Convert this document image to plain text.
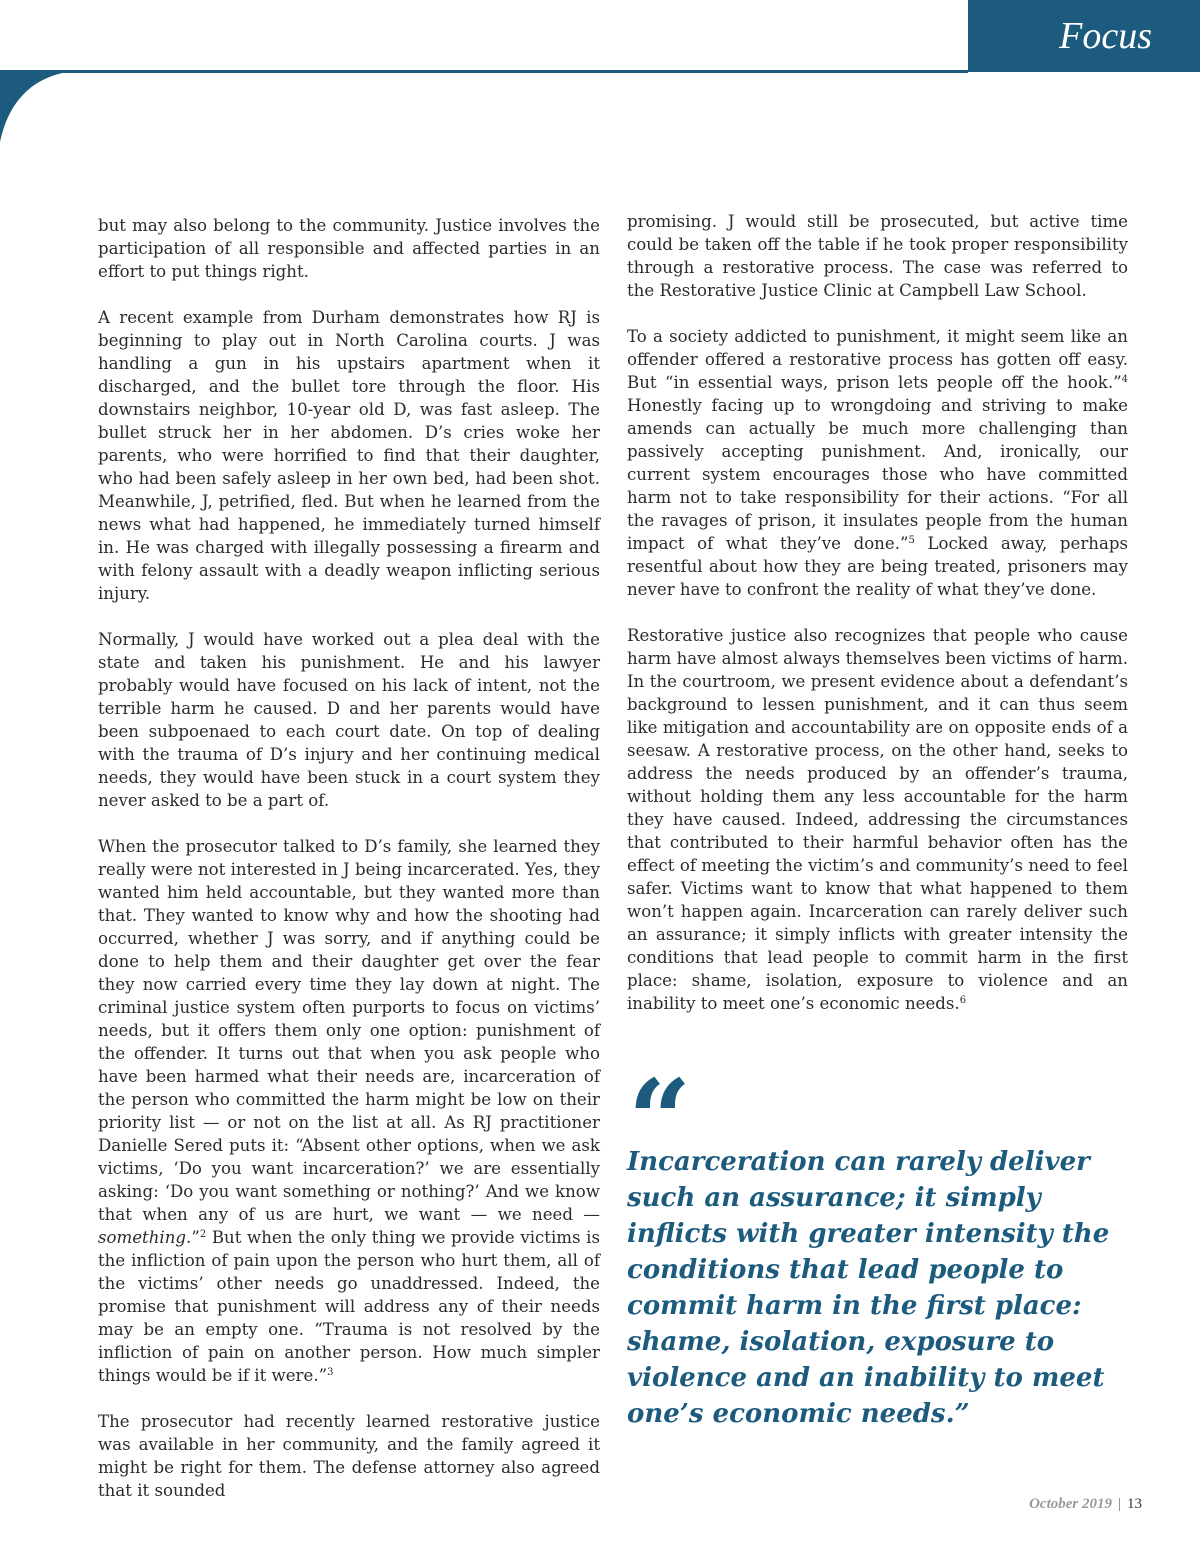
Focus

but may also belong to the community. Justice involves the participation of all responsible and affected parties in an effort to put things right.

A recent example from Durham demonstrates how RJ is beginning to play out in North Carolina courts. J was handling a gun in his upstairs apartment when it discharged, and the bullet tore through the floor. His downstairs neighbor, 10-year old D, was fast asleep. The bullet struck her in her abdomen. D’s cries woke her parents, who were horrified to find that their daughter, who had been safely asleep in her own bed, had been shot. Meanwhile, J, petrified, fled. But when he learned from the news what had happened, he immediately turned himself in. He was charged with illegally possessing a firearm and with felony assault with a deadly weapon inflicting serious injury.

Normally, J would have worked out a plea deal with the state and taken his punishment. He and his lawyer probably would have focused on his lack of intent, not the terrible harm he caused. D and her parents would have been subpoenaed to each court date. On top of dealing with the trauma of D’s injury and her continuing medical needs, they would have been stuck in a court system they never asked to be a part of.

When the prosecutor talked to D’s family, she learned they really were not interested in J being incarcerated. Yes, they wanted him held accountable, but they wanted more than that. They wanted to know why and how the shooting had occurred, whether J was sorry, and if anything could be done to help them and their daughter get over the fear they now carried every time they lay down at night. The criminal justice system often purports to focus on victims’ needs, but it offers them only one option: punishment of the offender. It turns out that when you ask people who have been harmed what their needs are, incarceration of the person who committed the harm might be low on their priority list — or not on the list at all. As RJ practitioner Danielle Sered puts it: “Absent other options, when we ask victims, ‘Do you want incarceration?’ we are essentially asking: ‘Do you want something or nothing?’ And we know that when any of us are hurt, we want — we need — something.”$^2$ But when the only thing we provide victims is the infliction of pain upon the person who hurt them, all of the victims’ other needs go unaddressed. Indeed, the promise that punishment will address any of their needs may be an empty one. “Trauma is not resolved by the infliction of pain on another person. How much simpler things would be if it were.”$^3$

The prosecutor had recently learned restorative justice was available in her community, and the family agreed it might be right for them. The defense attorney also agreed that it sounded

promising. J would still be prosecuted, but active time could be taken off the table if he took proper responsibility through a restorative process. The case was referred to the Restorative Justice Clinic at Campbell Law School.

To a society addicted to punishment, it might seem like an offender offered a restorative process has gotten off easy. But “in essential ways, prison lets people off the hook.”$^4$ Honestly facing up to wrongdoing and striving to make amends can actually be much more challenging than passively accepting punishment. And, ironically, our current system encourages those who have committed harm not to take responsibility for their actions. “For all the ravages of prison, it insulates people from the human impact of what they’ve done.”$^5$ Locked away, perhaps resentful about how they are being treated, prisoners may never have to confront the reality of what they’ve done.

Restorative justice also recognizes that people who cause harm have almost always themselves been victims of harm. In the courtroom, we present evidence about a defendant’s background to lessen punishment, and it can thus seem like mitigation and accountability are on opposite ends of a seesaw. A restorative process, on the other hand, seeks to address the needs produced by an offender’s trauma, without holding them any less accountable for the harm they have caused. Indeed, addressing the circumstances that contributed to their harmful behavior often has the effect of meeting the victim’s and community’s need to feel safer. Victims want to know that what happened to them won’t happen again. Incarceration can rarely deliver such an assurance; it simply inflicts with greater intensity the conditions that lead people to commit harm in the first place: shame, isolation, exposure to violence and an inability to meet one’s economic needs.$^6$

“

Incarceration can rarely deliver such an assurance; it simply inflicts with greater intensity the conditions that lead people to commit harm in the first place: shame, isolation, exposure to violence and an inability to meet one’s economic needs.”

October 2019 | 13
